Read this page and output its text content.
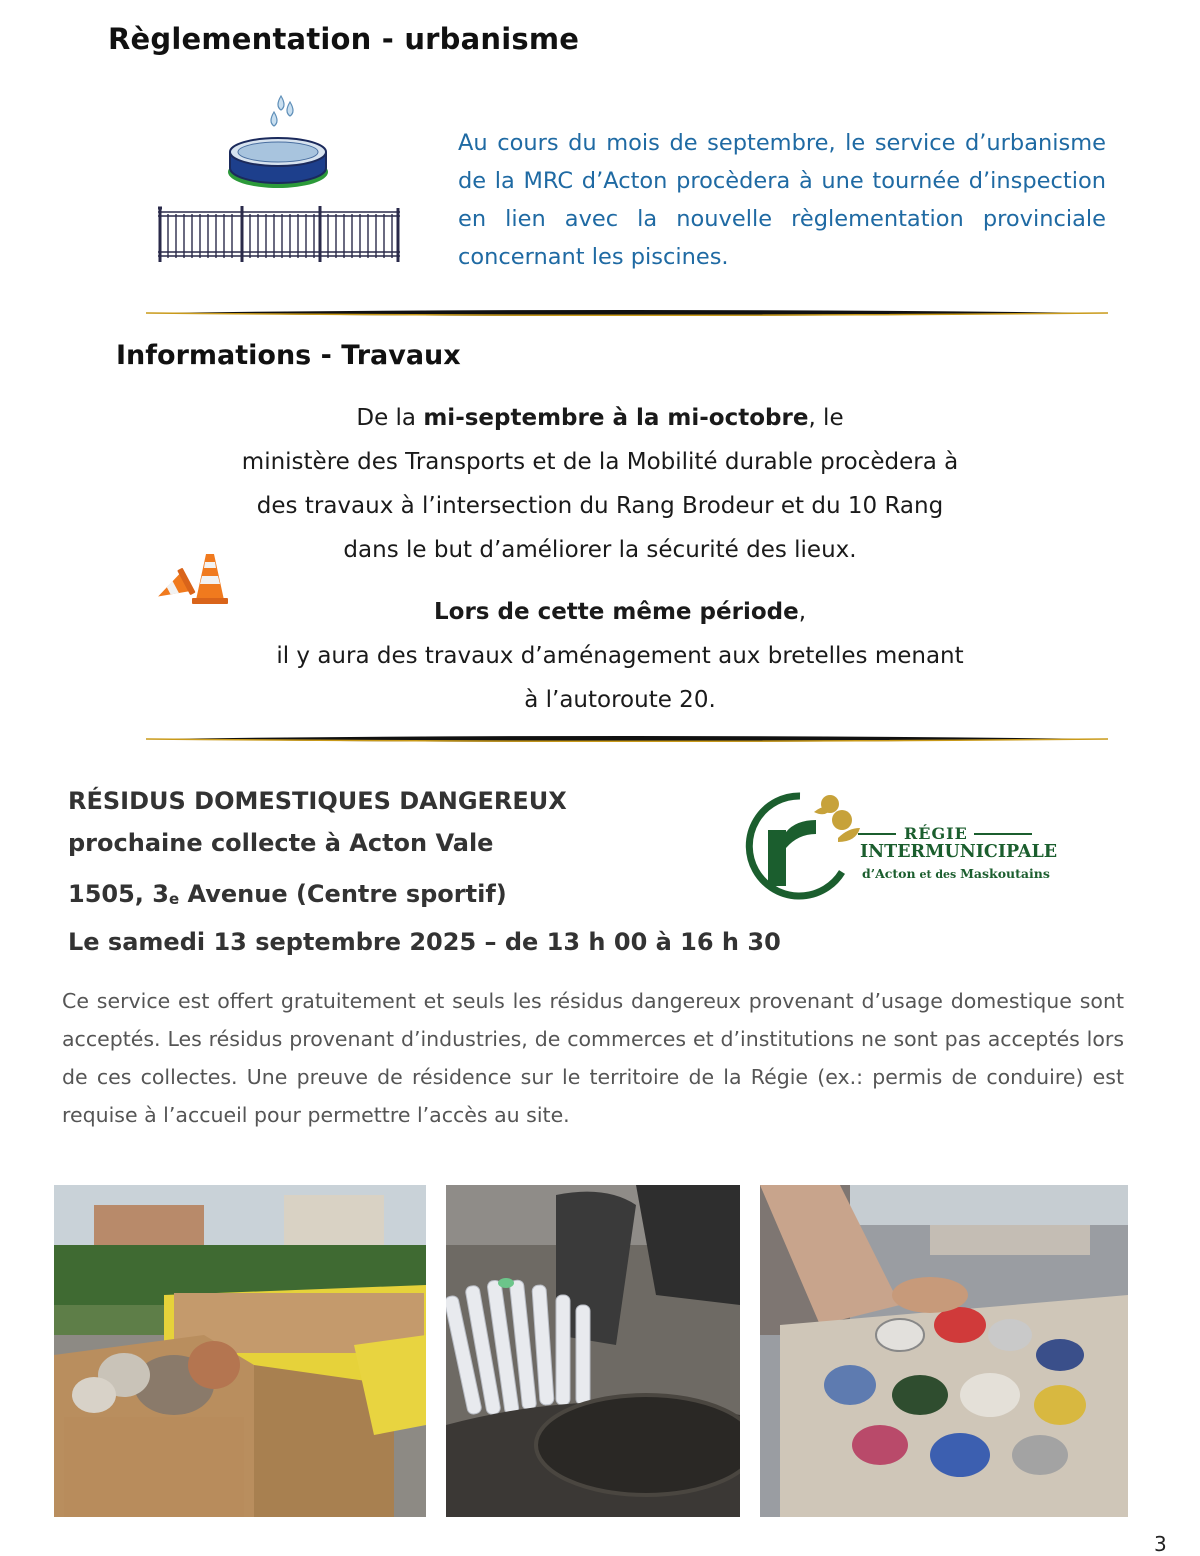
Règlementation - urbanisme
Au cours du mois de septembre, le service d’urbanisme de la MRC d’Acton procèdera à une tournée d’inspection en lien avec la nouvelle règlementation provinciale concernant les piscines.
Informations - Travaux
De la mi-septembre à la mi-octobre, le
ministère des Transports et de la Mobilité durable procèdera à
des travaux à l’intersection du Rang Brodeur et du 10 Rang
dans le but d’améliorer la sécurité des lieux.
Lors de cette même période,
il y aura des travaux d’aménagement aux bretelles menant
à l’autoroute 20.
RÉSIDUS DOMESTIQUES DANGEREUX
prochaine collecte à Acton Vale
1505, $3_e$ Avenue (Centre sportif)
Le samedi 13 septembre 2025 – de 13 h 00 à 16 h 30
RÉGIE
INTERMUNICIPALE
d’Acton et des Maskoutains
Ce service est offert gratuitement et seuls les résidus dangereux provenant d’usage domestique sont acceptés. Les résidus provenant d’industries, de commerces et d’institutions ne sont pas acceptés lors de ces collectes. Une preuve de résidence sur le territoire de la Régie (ex.: permis de conduire) est requise à l’accueil pour permettre l’accès au site.
3
